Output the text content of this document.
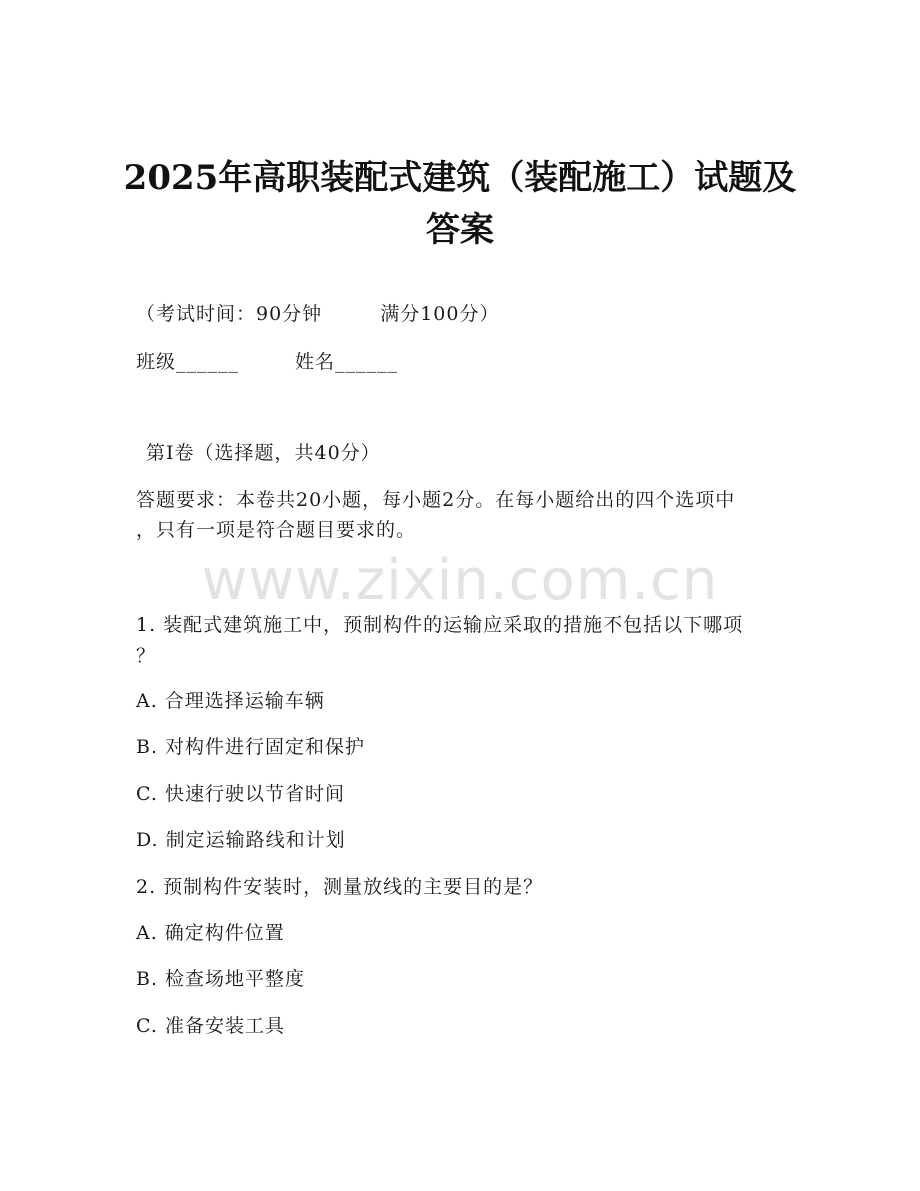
2025年高职装配式建筑（装配施工）试题及
答案
（考试时间：90分钟	满分100分）
班级______	姓名______
第I卷（选择题，共40分）
答题要求：本卷共20小题，每小题2分。在每小题给出的四个选项中
，只有一项是符合题目要求的。
www.zixin.com.cn
1. 装配式建筑施工中，预制构件的运输应采取的措施不包括以下哪项
？
A. 合理选择运输车辆
B. 对构件进行固定和保护
C. 快速行驶以节省时间
D. 制定运输路线和计划
2. 预制构件安装时，测量放线的主要目的是？
A. 确定构件位置
B. 检查场地平整度
C. 准备安装工具
